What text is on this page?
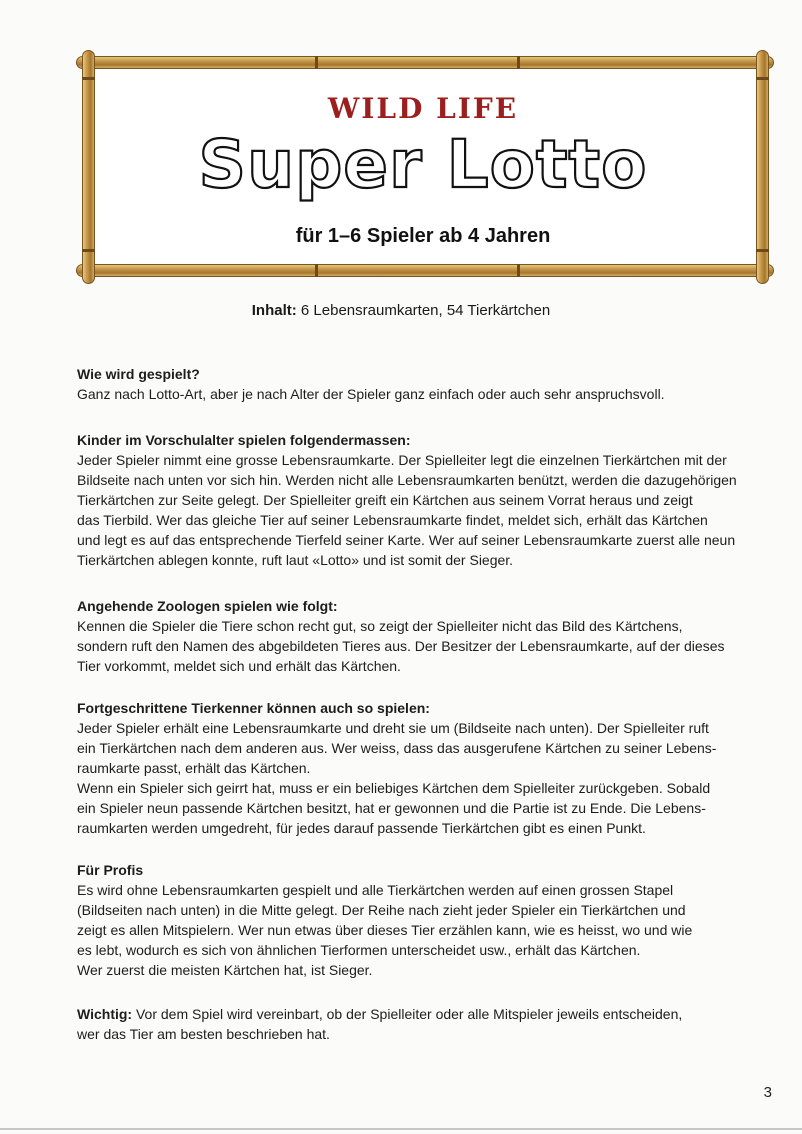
WILD LIFE
Super Lotto
für 1–6 Spieler ab 4 Jahren
Inhalt: 6 Lebensraumkarten, 54 Tierkärtchen
Wie wird gespielt?

Ganz nach Lotto-Art, aber je nach Alter der Spieler ganz einfach oder auch sehr anspruchsvoll.

Kinder im Vorschulalter spielen folgendermassen:

Jeder Spieler nimmt eine grosse Lebensraumkarte. Der Spielleiter legt die einzelnen Tierkärtchen mit der

Bildseite nach unten vor sich hin. Werden nicht alle Lebensraumkarten benützt, werden die dazugehörigen

Tierkärtchen zur Seite gelegt. Der Spielleiter greift ein Kärtchen aus seinem Vorrat heraus und zeigt

das Tierbild. Wer das gleiche Tier auf seiner Lebensraumkarte findet, meldet sich, erhält das Kärtchen

und legt es auf das entsprechende Tierfeld seiner Karte. Wer auf seiner Lebensraumkarte zuerst alle neun

Tierkärtchen ablegen konnte, ruft laut «Lotto» und ist somit der Sieger.

Angehende Zoologen spielen wie folgt:

Kennen die Spieler die Tiere schon recht gut, so zeigt der Spielleiter nicht das Bild des Kärtchens,

sondern ruft den Namen des abgebildeten Tieres aus. Der Besitzer der Lebensraumkarte, auf der dieses

Tier vorkommt, meldet sich und erhält das Kärtchen.

Fortgeschrittene Tierkenner können auch so spielen:

Jeder Spieler erhält eine Lebensraumkarte und dreht sie um (Bildseite nach unten). Der Spielleiter ruft

ein Tierkärtchen nach dem anderen aus. Wer weiss, dass das ausgerufene Kärtchen zu seiner Lebens-

raumkarte passt, erhält das Kärtchen.

Wenn ein Spieler sich geirrt hat, muss er ein beliebiges Kärtchen dem Spielleiter zurückgeben. Sobald

ein Spieler neun passende Kärtchen besitzt, hat er gewonnen und die Partie ist zu Ende. Die Lebens-

raumkarten werden umgedreht, für jedes darauf passende Tierkärtchen gibt es einen Punkt.

Für Profis

Es wird ohne Lebensraumkarten gespielt und alle Tierkärtchen werden auf einen grossen Stapel

(Bildseiten nach unten) in die Mitte gelegt. Der Reihe nach zieht jeder Spieler ein Tierkärtchen und

zeigt es allen Mitspielern. Wer nun etwas über dieses Tier erzählen kann, wie es heisst, wo und wie

es lebt, wodurch es sich von ähnlichen Tierformen unterscheidet usw., erhält das Kärtchen.

Wer zuerst die meisten Kärtchen hat, ist Sieger.

Wichtig: Vor dem Spiel wird vereinbart, ob der Spielleiter oder alle Mitspieler jeweils entscheiden,

wer das Tier am besten beschrieben hat.

3
